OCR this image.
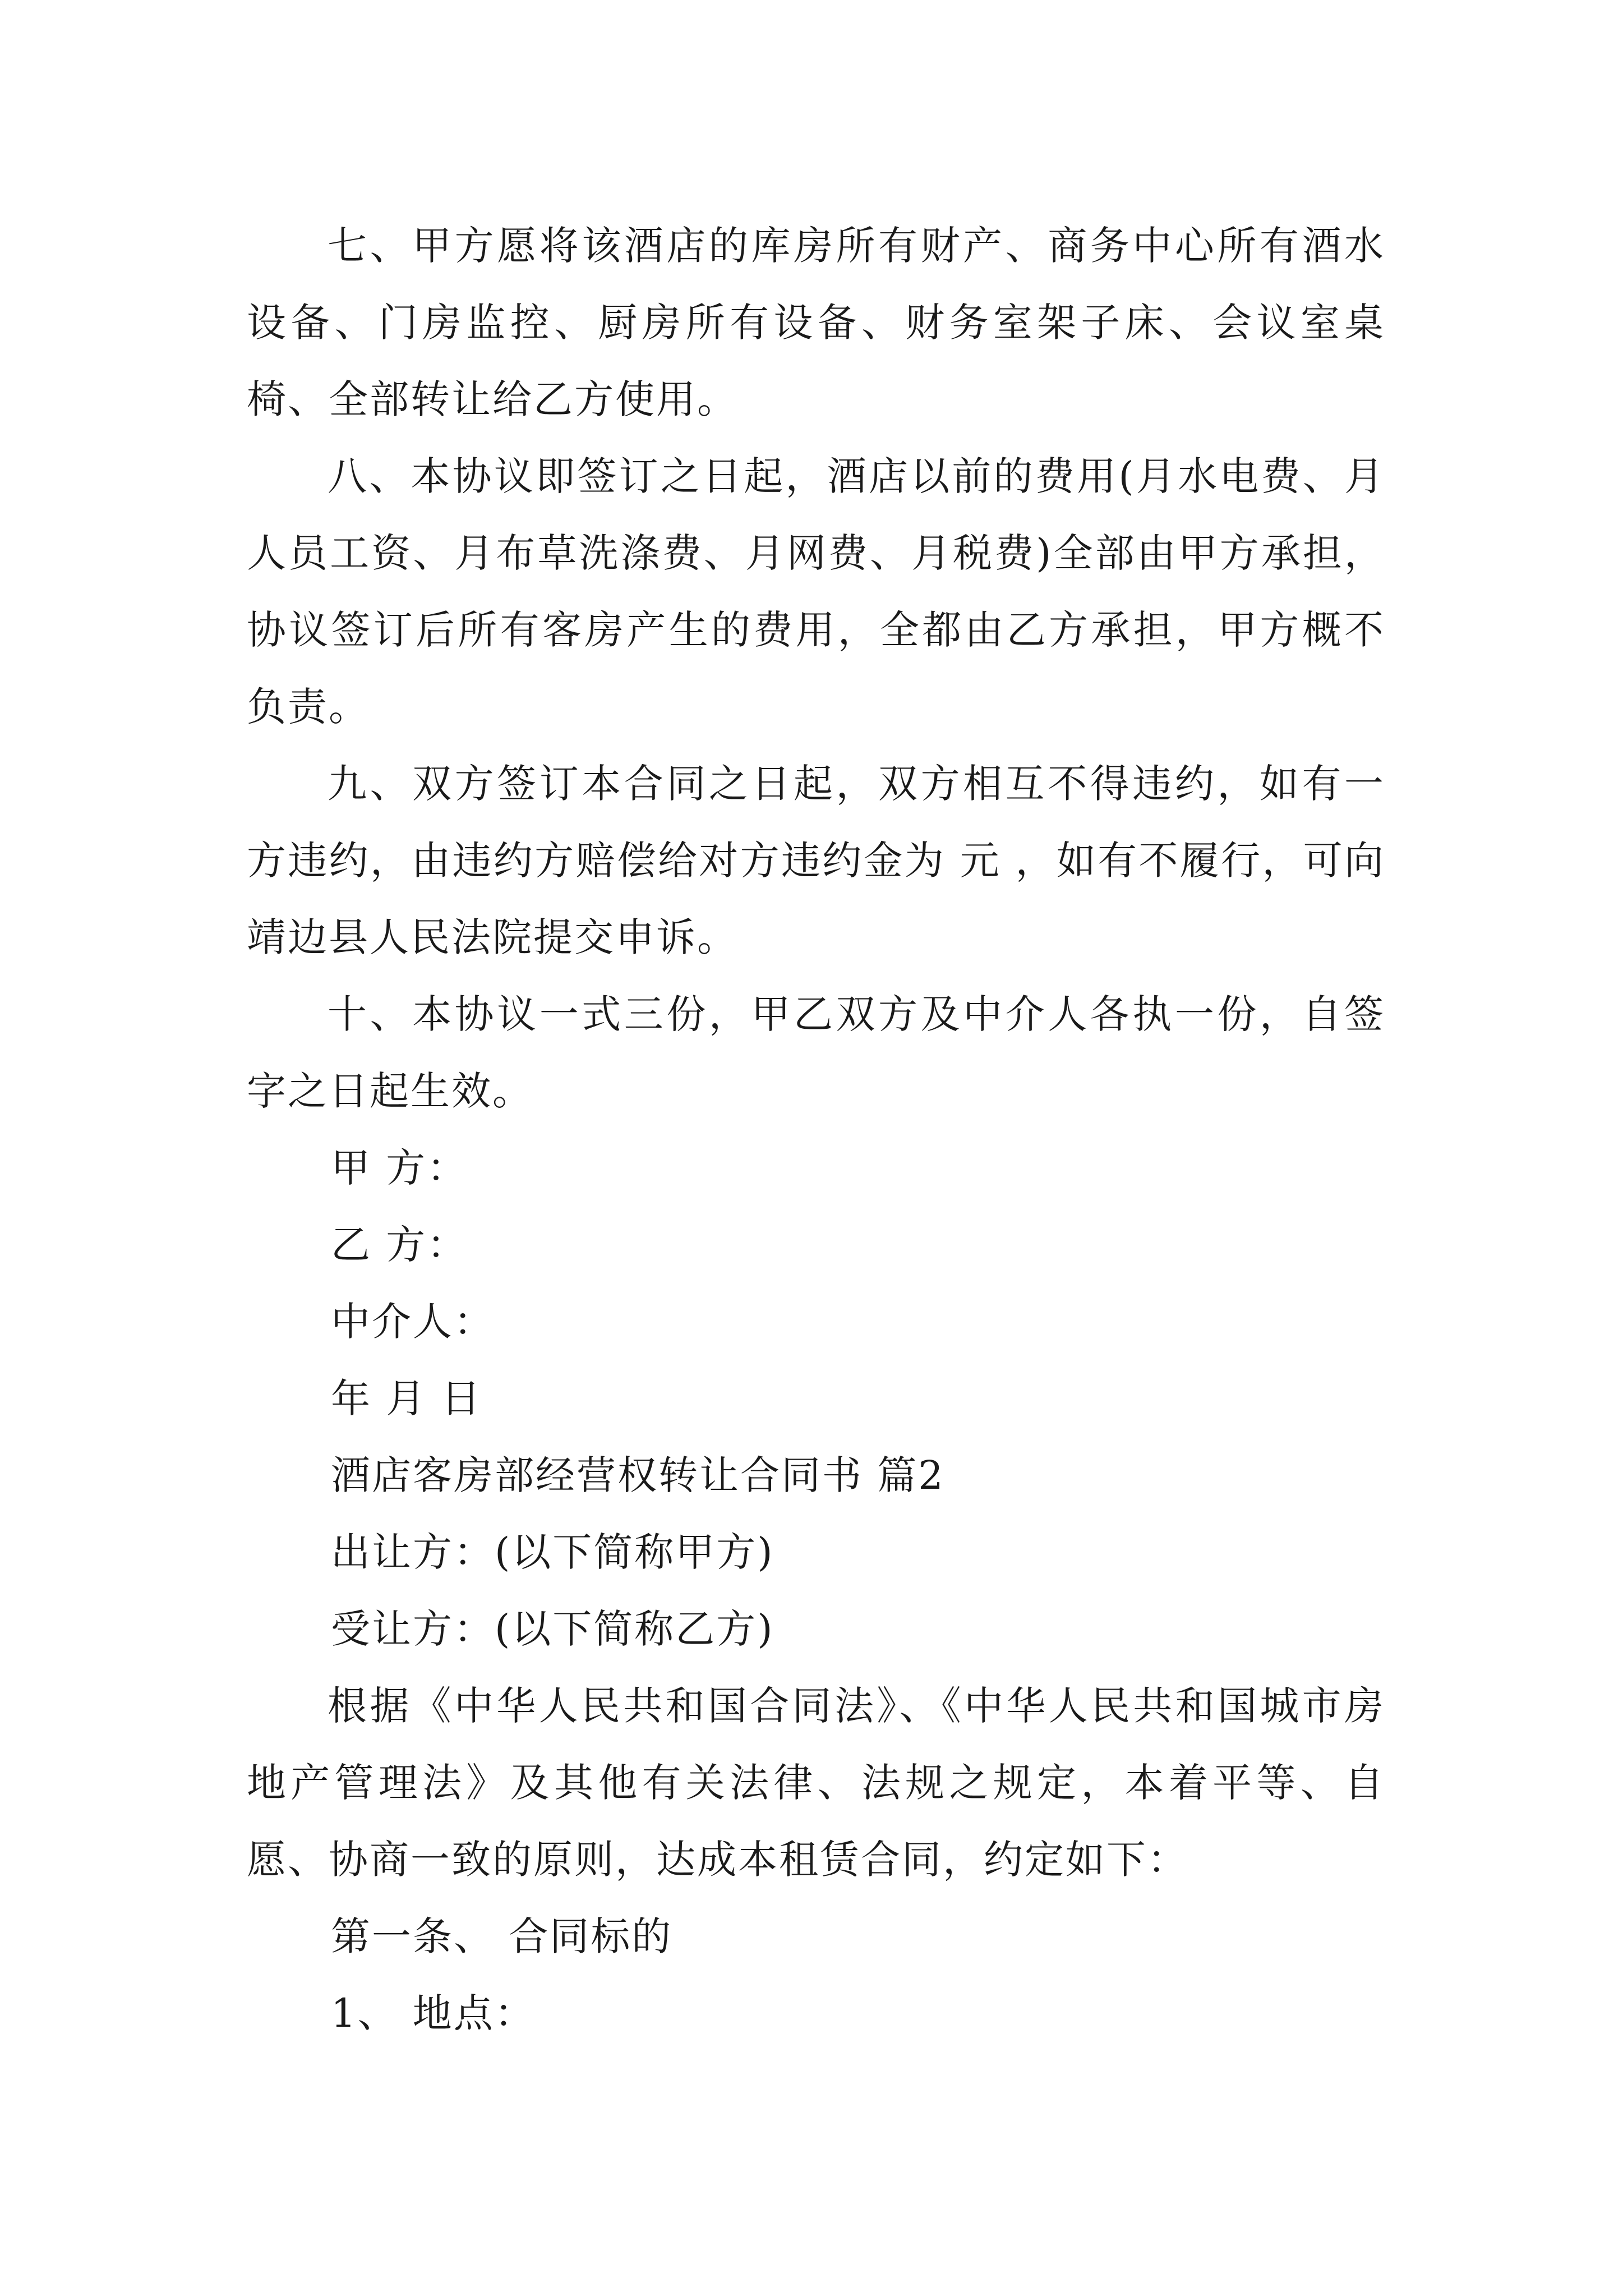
七、甲方愿将该酒店的库房所有财产、商务中心所有酒水设备、门房监控、厨房所有设备、财务室架子床、会议室桌椅、全部转让给乙方使用。

八、本协议即签订之日起，酒店以前的费用(月水电费、月人员工资、月布草洗涤费、月网费、月税费)全部由甲方承担，协议签订后所有客房产生的费用，全都由乙方承担，甲方概不负责。

九、双方签订本合同之日起，双方相互不得违约，如有一方违约，由违约方赔偿给对方违约金为 元 ，如有不履行，可向靖边县人民法院提交申诉。

十、本协议一式三份，甲乙双方及中介人各执一份，自签字之日起生效。

甲 方：

乙 方：

中介人：

年 月 日

酒店客房部经营权转让合同书 篇2

出让方：(以下简称甲方)

受让方：(以下简称乙方)

根据《中华人民共和国合同法》、《中华人民共和国城市房地产管理法》及其他有关法律、法规之规定，本着平等、自愿、协商一致的原则，达成本租赁合同，约定如下：

第一条、 合同标的

1、 地点：
